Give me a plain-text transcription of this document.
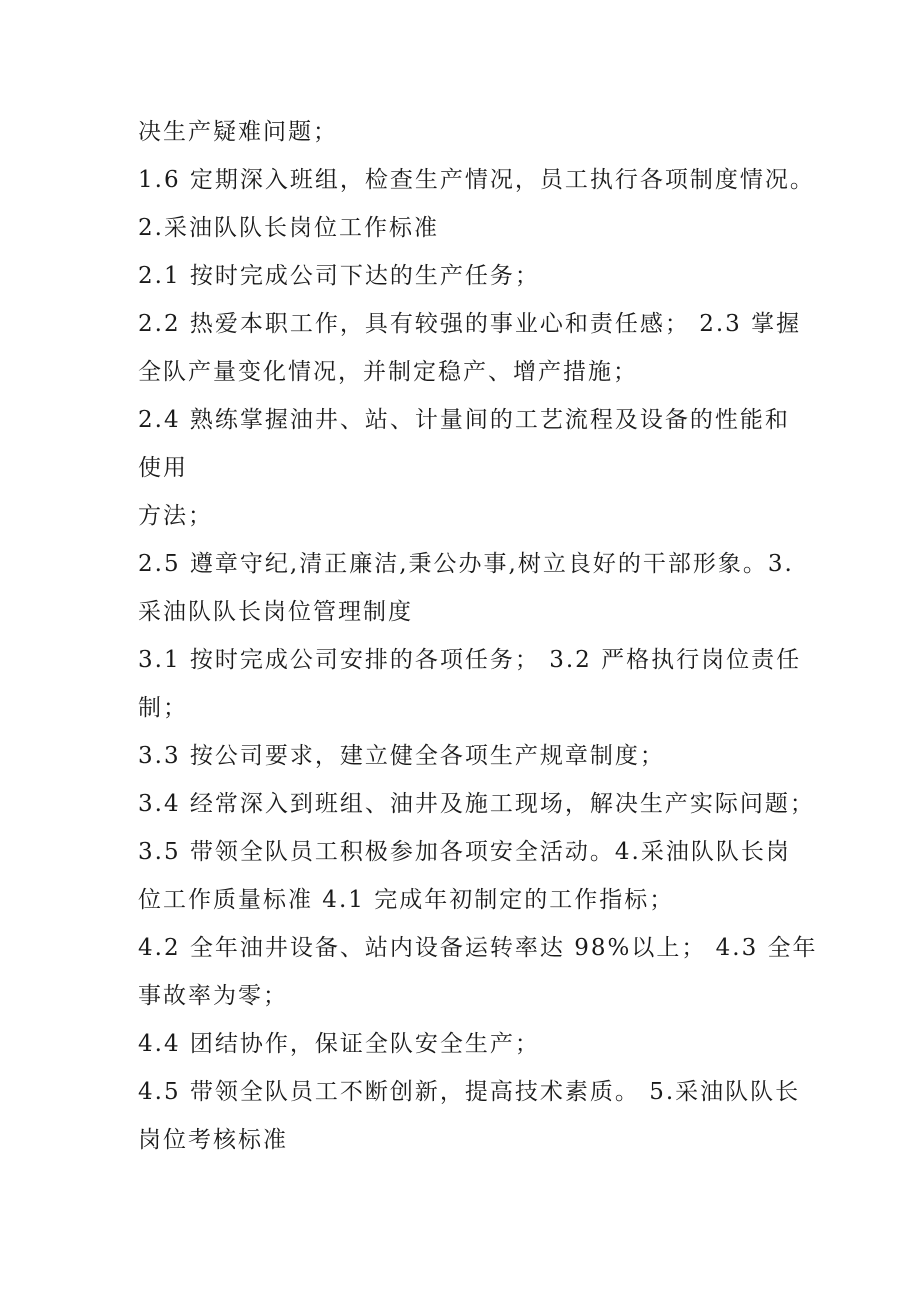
决生产疑难问题；

1.6 定期深入班组，检查生产情况，员工执行各项制度情况。

2.采油队队长岗位工作标准

2.1 按时完成公司下达的生产任务；

2.2 热爱本职工作，具有较强的事业心和责任感； 2.3 掌握

全队产量变化情况，并制定稳产、增产措施；

2.4 熟练掌握油井、站、计量间的工艺流程及设备的性能和

使用

方法；

2.5 遵章守纪,清正廉洁,秉公办事,树立良好的干部形象。3.

采油队队长岗位管理制度

3.1 按时完成公司安排的各项任务； 3.2 严格执行岗位责任

制；

3.3 按公司要求，建立健全各项生产规章制度；

3.4 经常深入到班组、油井及施工现场，解决生产实际问题；

3.5 带领全队员工积极参加各项安全活动。4.采油队队长岗

位工作质量标准 4.1 完成年初制定的工作指标；

4.2 全年油井设备、站内设备运转率达 98%以上； 4.3 全年

事故率为零；

4.4 团结协作，保证全队安全生产；

4.5 带领全队员工不断创新，提高技术素质。 5.采油队队长

岗位考核标准
